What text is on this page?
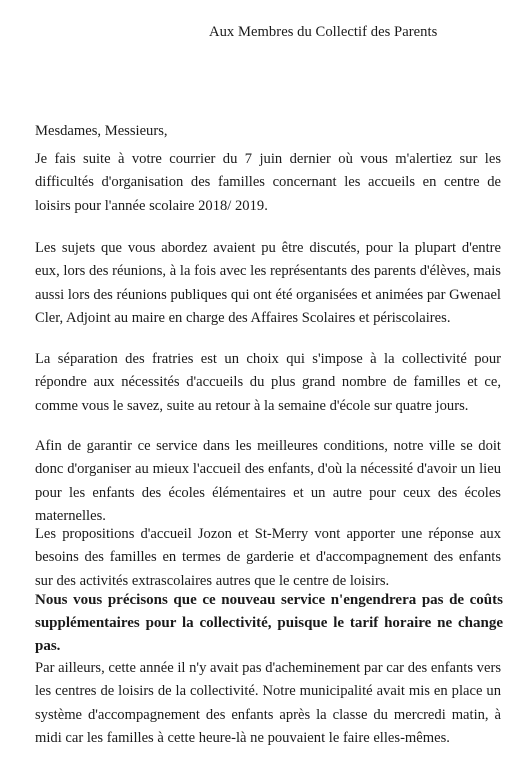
Aux Membres du Collectif des Parents
Mesdames, Messieurs,

Je fais suite à votre courrier du 7 juin dernier où vous m'alertiez sur les difficultés d'organisation des familles concernant les accueils en centre de loisirs pour l'année scolaire 2018/ 2019.

Les sujets que vous abordez avaient pu être discutés, pour la plupart d'entre eux, lors des réunions, à la fois avec les représentants des parents d'élèves, mais aussi lors des réunions publiques qui ont été organisées et animées par Gwenael Cler, Adjoint au maire en charge des Affaires Scolaires et périscolaires.

La séparation des fratries est un choix qui s'impose à la collectivité pour répondre aux nécessités d'accueils du plus grand nombre de familles et ce, comme vous le savez, suite au retour à la semaine d'école sur quatre jours.

Afin de garantir ce service dans les meilleures conditions, notre ville se doit donc d'organiser au mieux l'accueil des enfants, d'où la nécessité d'avoir un lieu pour les enfants des écoles élémentaires et un autre pour ceux des écoles maternelles.

Les propositions d'accueil Jozon et St-Merry vont apporter une réponse aux besoins des familles en termes de garderie et d'accompagnement des enfants sur des activités extrascolaires autres que le centre de loisirs.

Nous vous précisons que ce nouveau service n'engendrera pas de coûts supplémentaires pour la collectivité, puisque le tarif horaire ne change pas.

Par ailleurs, cette année il n'y avait pas d'acheminement par car des enfants vers les centres de loisirs de la collectivité. Notre municipalité avait mis en place un système d'accompagnement des enfants après la classe du mercredi matin, à midi car les familles à cette heure-là ne pouvaient le faire elles-mêmes.
